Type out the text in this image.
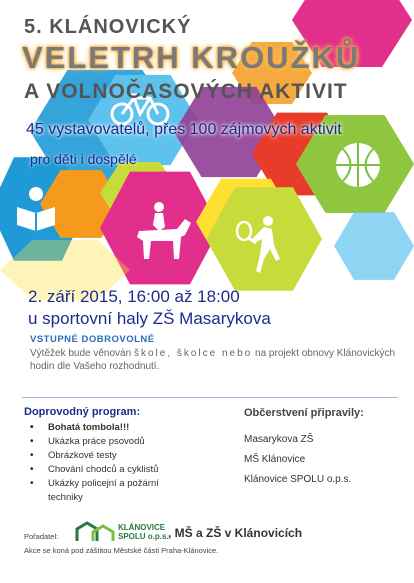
5. KLÁNOVICKÝ
VELETRH KROUŽKŮ
A VOLNOČASOVÝCH AKTIVIT
45 vystavovatelů, přes 100 zájmových aktivit
pro děti i dospělé
2. září 2015, 16:00 až 18:00
u sportovní haly ZŠ Masarykova
VSTUPNÉ DOBROVOLNÉ
Výtěžek bude věnován škole, školce nebo na projekt obnovy Klánovických hodin dle Vašeho rozhodnutí.
Doprovodný program:
• Bohatá tombola!!!
• Ukázka práce psovodů
• Obrázkové testy
• Chování chodců a cyklistů
• Ukázky policejní a požární techniky
Občerstvení připravily:
Masarykova ZŠ
MŠ Klánovice
Klánovice SPOLU o.p.s.
Pořadatel:
KLÁNOVICE
SPOLU o.p.s. , MŠ a ZŠ v Klánovicích
Akce se koná pod záštitou Městské části Praha-Klánovice.
